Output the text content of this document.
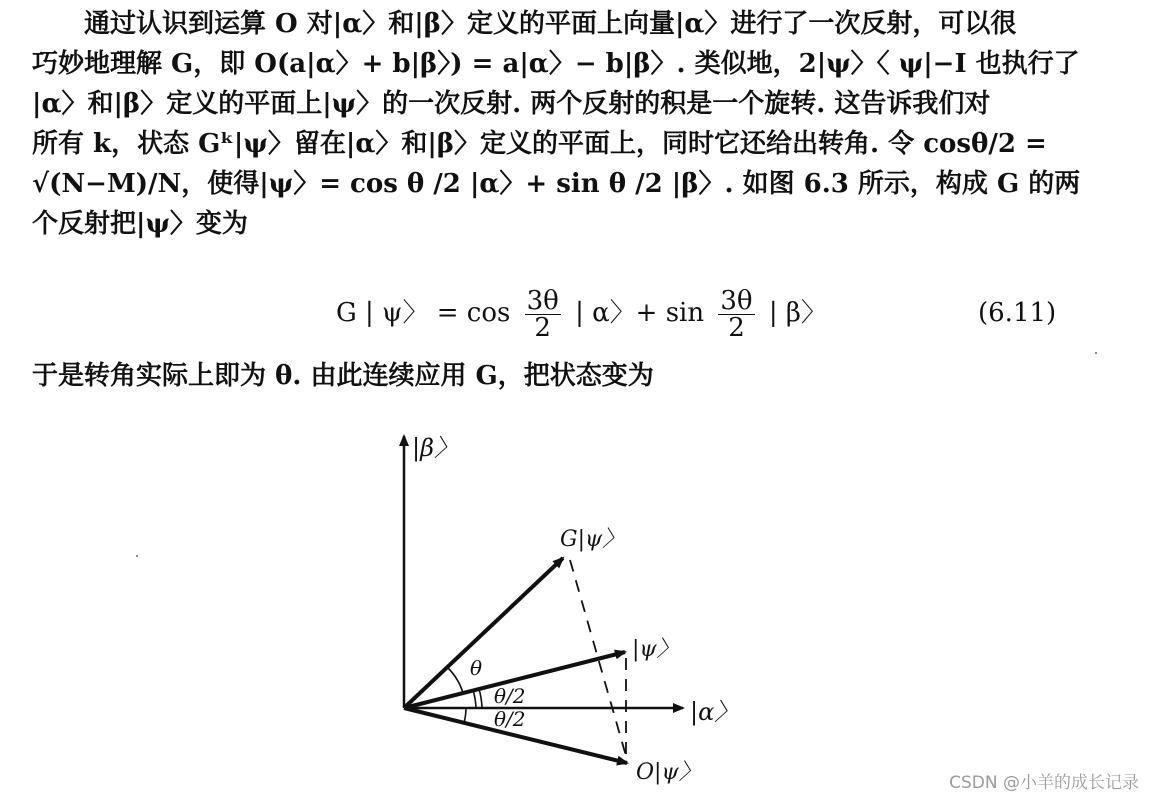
通过认识到运算 O 对|α〉和|β〉定义的平面上向量|α〉进行了一次反射，可以很
巧妙地理解 G，即 O(a|α〉+ b|β〉) = a|α〉− b|β〉. 类似地，2|ψ〉〈 ψ|−I 也执行了
|α〉和|β〉定义的平面上|ψ〉的一次反射. 两个反射的积是一个旋转. 这告诉我们对
所有 k，状态 Gᵏ|ψ〉留在|α〉和|β〉定义的平面上，同时它还给出转角. 令 cosθ/2 =
√(N−M)/N，使得|ψ〉= cos θ /2 |α〉+ sin θ /2 |β〉. 如图 6.3 所示，构成 G 的两
个反射把|ψ〉变为
G | ψ〉 = $\cos \frac{3\theta}{2}$ | α〉+ $\sin \frac{3\theta}{2}$ | β〉	(6.11)
于是转角实际上即为 θ. 由此连续应用 G，把状态变为
|β〉
G|ψ〉
|ψ〉
|α〉
O|ψ〉
θ
θ/2
θ/2
CSDN @小羊的成长记录
